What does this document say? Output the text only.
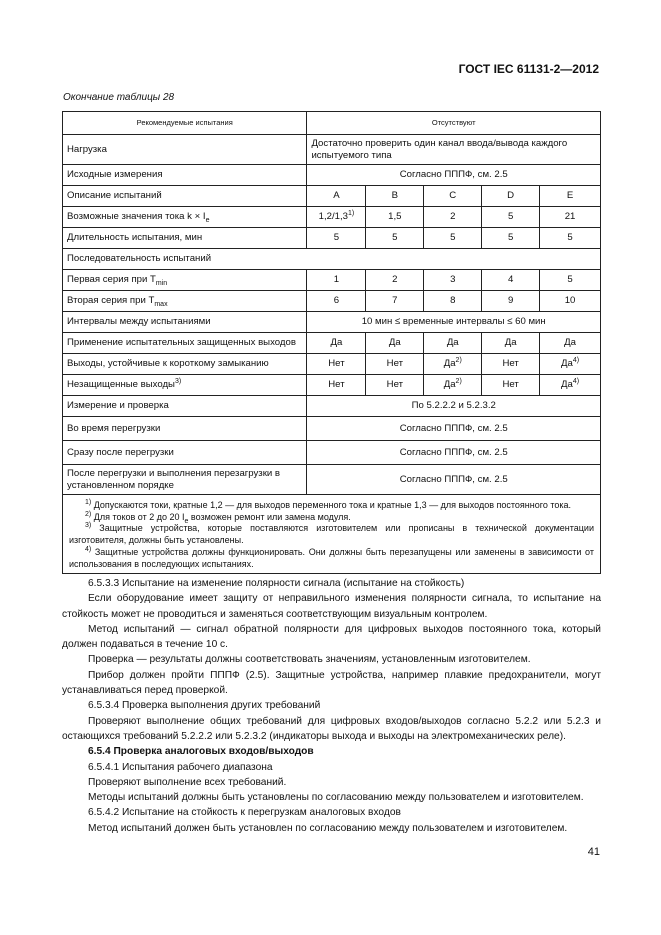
ГОСТ IEC 61131-2—2012
Окончание таблицы 28
Рекомендуемые испытания	Отсутствуют				
Нагрузка	Достаточно проверить один канал ввода/вывода каждого испытуемого типа				
Исходные измерения	Согласно ПППФ, см. 2.5				
Описание испытаний	A	B	C	D	E
Возможные значения тока $k \times I_e$	1,2/1,3$^{1)}$	1,5	2	5	21
Длительность испытания, мин	5	5	5	5	5
Последовательность испытаний					
Первая серия при $T_{min}$	1	2	3	4	5
Вторая серия при $T_{max}$	6	7	8	9	10
Интервалы между испытаниями	10 мин ≤ временные интервалы ≤ 60 мин				
Применение испытательных защищенных выходов	Да	Да	Да	Да	Да
Выходы, устойчивые к короткому замыканию	Нет	Нет	$Да^{2)}$	Нет	$Да^{4)}$
Незащищенные выходы$^{3)}$	Нет	Нет	$Да^{2)}$	Нет	$Да^{4)}$
Измерение и проверка	По 5.2.2.2 и 5.2.3.2				
Во время перегрузки	Согласно ПППФ, см. 2.5				
Сразу после перегрузки	Согласно ПППФ, см. 2.5				
После перегрузки и выполнения перезагрузки в установленном порядке	Согласно ПППФ, см. 2.5				

$^{1)}$ Допускаются токи, кратные 1,2 — для выходов переменного тока и кратные 1,3 — для выходов постоянного тока.
$^{2)}$ Для токов от 2 до 20 $I_e$ возможен ремонт или замена модуля.
$^{3)}$ Защитные устройства, которые поставляются изготовителем или прописаны в технической документации изготовителя, должны быть установлены.
$^{4)}$ Защитные устройства должны функционировать. Они должны быть перезапущены или заменены в зависимости от использования в последующих испытаниях.					

6.5.3.3 Испытание на изменение полярности сигнала (испытание на стойкость)

Если оборудование имеет защиту от неправильного изменения полярности сигнала, то испытание на стойкость может не проводиться и заменяться соответствующим визуальным контролем.

Метод испытаний — сигнал обратной полярности для цифровых выходов постоянного тока, который должен подаваться в течение 10 с.

Проверка — результаты должны соответствовать значениям, установленным изготовителем.

Прибор должен пройти ПППФ (2.5). Защитные устройства, например плавкие предохранители, могут устанавливаться перед проверкой.

6.5.3.4 Проверка выполнения других требований

Проверяют выполнение общих требований для цифровых входов/выходов согласно 5.2.2 или 5.2.3 и остающихся требований 5.2.2.2 или 5.2.3.2 (индикаторы выхода и выходы на электромеханических реле).

6.5.4 Проверка аналоговых входов/выходов

6.5.4.1 Испытания рабочего диапазона

Проверяют выполнение всех требований.

Методы испытаний должны быть установлены по согласованию между пользователем и изготовителем.

6.5.4.2 Испытание на стойкость к перегрузкам аналоговых входов

Метод испытаний должен быть установлен по согласованию между пользователем и изготовителем.

41
